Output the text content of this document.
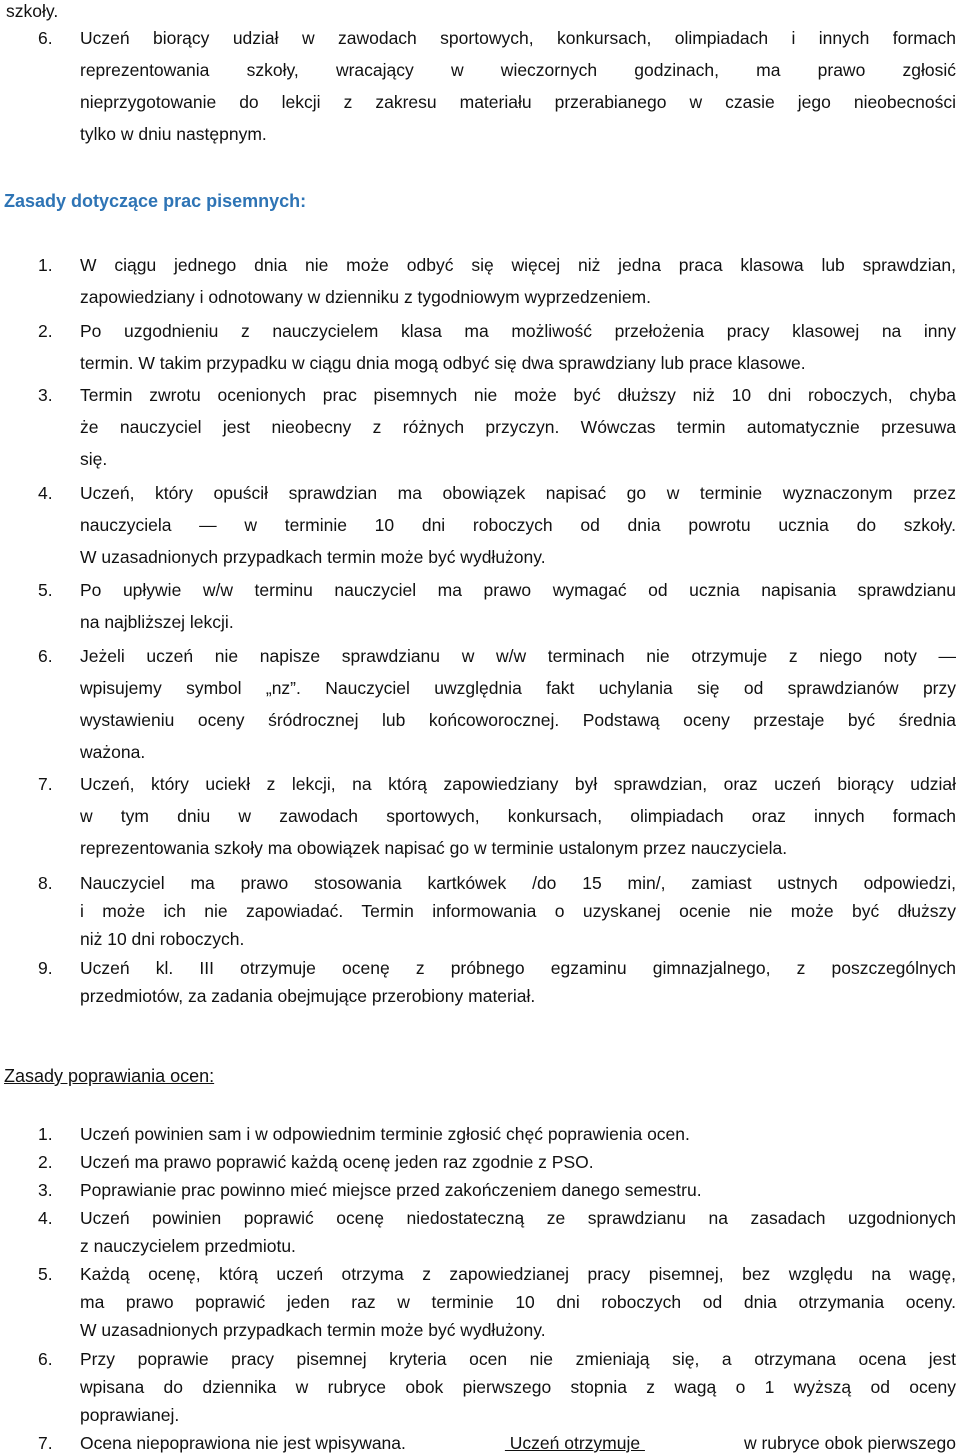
szkoły.
6.	Uczeń biorący udział w zawodach sportowych, konkursach, olimpiadach i innych formach
reprezentowania szkoły, wracający w wieczornych godzinach, ma prawo zgłosić
nieprzygotowanie do lekcji z zakresu materiału przerabianego w czasie jego nieobecności
tylko w dniu następnym.
Zasady dotyczące prac pisemnych:
1.	W ciągu jednego dnia nie może odbyć się więcej niż jedna praca klasowa lub sprawdzian,
zapowiedziany i odnotowany w dzienniku z tygodniowym wyprzedzeniem.
2.	Po uzgodnieniu z nauczycielem klasa ma możliwość przełożenia pracy klasowej na inny
termin. W takim przypadku w ciągu dnia mogą odbyć się dwa sprawdziany lub prace klasowe.
3.	Termin zwrotu ocenionych prac pisemnych nie może być dłuższy niż 10 dni roboczych, chyba
że nauczyciel jest nieobecny z różnych przyczyn. Wówczas termin automatycznie przesuwa
się.
4.	Uczeń, który opuścił sprawdzian ma obowiązek napisać go w terminie wyznaczonym przez
nauczyciela — w terminie 10 dni roboczych od dnia powrotu ucznia do szkoły.
W uzasadnionych przypadkach termin może być wydłużony.
5.	Po upływie w/w terminu nauczyciel ma prawo wymagać od ucznia napisania sprawdzianu
na najbliższej lekcji.
6.	Jeżeli uczeń nie napisze sprawdzianu w w/w terminach nie otrzymuje z niego noty —
wpisujemy symbol „nz”. Nauczyciel uwzględnia fakt uchylania się od sprawdzianów przy
wystawieniu oceny śródrocznej lub końcoworocznej. Podstawą oceny przestaje być średnia
ważona.
7.	Uczeń, który uciekł z lekcji, na którą zapowiedziany był sprawdzian, oraz uczeń biorący udział
w tym dniu w zawodach sportowych, konkursach, olimpiadach oraz innych formach
reprezentowania szkoły ma obowiązek napisać go w terminie ustalonym przez nauczyciela.
8.	Nauczyciel ma prawo stosowania kartkówek /do 15 min/, zamiast ustnych odpowiedzi,
i może ich nie zapowiadać. Termin informowania o uzyskanej ocenie nie może być dłuższy
niż 10 dni roboczych.
9.	Uczeń kl. III otrzymuje ocenę z próbnego egzaminu gimnazjalnego, z poszczególnych
przedmiotów, za zadania obejmujące przerobiony materiał.
Zasady poprawiania ocen:
1.	Uczeń powinien sam i w odpowiednim terminie zgłosić chęć poprawienia ocen.
2.	Uczeń ma prawo poprawić każdą ocenę jeden raz zgodnie z PSO.
3.	Poprawianie prac powinno mieć miejsce przed zakończeniem danego semestru.
4.	Uczeń powinien poprawić ocenę niedostateczną ze sprawdzianu na zasadach uzgodnionych
z nauczycielem przedmiotu.
5.	Każdą ocenę, którą uczeń otrzyma z zapowiedzianej pracy pisemnej, bez względu na wagę,
ma prawo poprawić jeden raz w terminie 10 dni roboczych od dnia otrzymania oceny.
W uzasadnionych przypadkach termin może być wydłużony.
6.	Przy poprawie pracy pisemnej kryteria ocen nie zmieniają się, a otrzymana ocena jest
wpisana do dziennika w rubryce obok pierwszego stopnia z wagą o 1 wyższą od oceny
poprawianej.
7.	Ocena niepoprawiona nie jest wpisywana.	Uczeń otrzymuje	w rubryce obok pierwszego
